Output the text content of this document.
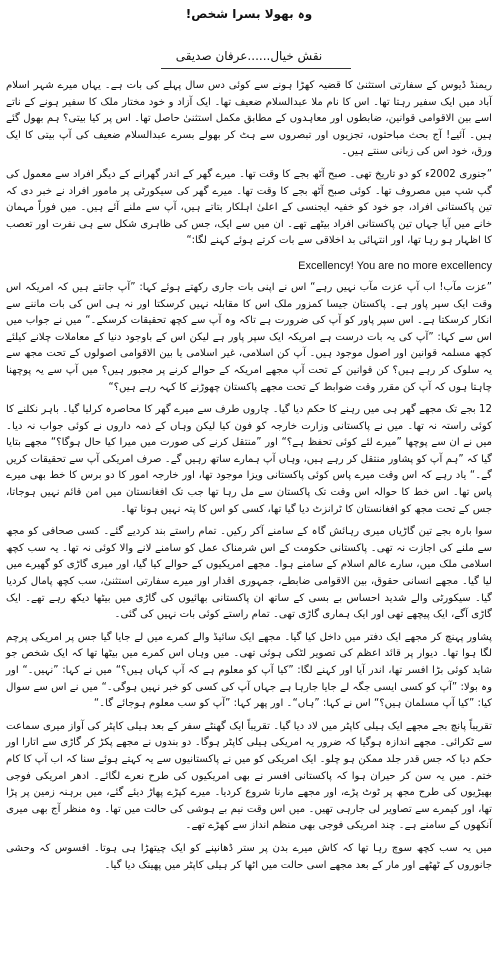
وہ بھولا بسرا شخص!
نقش خیال......عرفان صدیقی

ریمنڈ ڈیوس کے سفارتی استثنیٰ کا قضیہ کھڑا ہونے سے کوئی دس سال پہلے کی بات ہے۔ یہاں میرے شہر اسلام آباد میں ایک سفیر رہتا تھا۔ اس کا نام ملا عبدالسلام ضعیف تھا۔ ایک آزاد و خود مختار ملک کا سفیر ہونے کے ناتے اسے بین الاقوامی قوانین، ضابطوں اور معاہدوں کے مطابق مکمل استثنیٰ حاصل تھا۔ اس پر کیا بیتی؟ ہم بھول گئے ہیں۔ آئیے! آج بحث مباحثوں، تجزیوں اور تبصروں سے ہٹ کر بھولے بسرے عبدالسلام ضعیف کی آپ بیتی کا ایک ورق، خود اس کی زبانی سنتے ہیں۔

”جنوری 2002ء کو دو تاریخ تھی۔ صبح آٹھ بجے کا وقت تھا۔ میرے گھر کے اندر گھرانے کے دیگر افراد سے معمول کی گپ شپ میں مصروف تھا۔ کوئی صبح آٹھ بجے کا وقت تھا۔ میرے گھر کی سیکورٹی پر مامور افراد نے خبر دی کہ تین پاکستانی افراد، جو خود کو خفیہ ایجنسی کے اعلیٰ اہلکار بتاتے ہیں، آپ سے ملنے آئے ہیں۔ میں فوراً مہمان خانے میں آیا جہاں تین پاکستانی افراد بیٹھے تھے۔ ان میں سے ایک، جس کی ظاہری شکل سے ہی نفرت اور تعصب کا اظہار ہو رہا تھا، اور انتہائی بد اخلاقی سے بات کرتے ہوئے کہنے لگا:“

Excellency! You are no more excellency

”عزت مآب! اب آپ عزت مآب نہیں رہے“ اس نے اپنی بات جاری رکھتے ہوئے کہا: ”آپ جانتے ہیں کہ امریکہ اس وقت ایک سپر پاور ہے۔ پاکستان جیسا کمزور ملک اس کا مقابلہ نہیں کرسکتا اور نہ ہی اس کی بات ماننے سے انکار کرسکتا ہے۔ اس سپر پاور کو آپ کی ضرورت ہے تاکہ وہ آپ سے کچھ تحقیقات کرسکے۔“ میں نے جواب میں اس سے کہا: ”آپ کی یہ بات درست ہے امریکہ ایک سپر پاور ہے لیکن اس کے باوجود دنیا کے معاملات چلانے کیلئے کچھ مسلمہ قوانین اور اصول موجود ہیں۔ آپ کن اسلامی، غیر اسلامی یا بین الاقوامی اصولوں کے تحت مجھ سے یہ سلوک کر رہے ہیں؟ کن قوانین کے تحت آپ مجھے امریکہ کے حوالے کرنے پر مجبور ہیں؟ میں آپ سے یہ پوچھنا چاہتا ہوں کہ آپ کن مقرر وقت ضوابط کے تحت مجھے پاکستان چھوڑنے کا کہہ رہے ہیں؟“

12 بجے تک مجھے گھر ہی میں رہنے کا حکم دیا گیا۔ چاروں طرف سے میرے گھر کا محاصرہ کرلیا گیا۔ باہر نکلنے کا کوئی راستہ نہ تھا۔ میں نے پاکستانی وزارت خارجہ کو فون کیا لیکن وہاں کے ذمہ داروں نے کوئی جواب نہ دیا۔ میں نے ان سے پوچھا ”میرے لئے کوئی تحفظ ہے؟“ اور ”منتقل کرنے کی صورت میں میرا کیا حال ہوگا؟“ مجھے بتایا گیا کہ ”ہم آپ کو پشاور منتقل کر رہے ہیں، وہاں آپ ہمارے ساتھ رہیں گے۔ صرف امریکی آپ سے تحقیقات کریں گے۔“ یاد رہے کہ اس وقت میرے پاس کوئی پاکستانی ویزا موجود تھا، اور خارجہ امور کا دو برس کا خط بھی میرے پاس تھا۔ اس خط کا حوالہ اس وقت تک پاکستان سے مل رہا تھا جب تک افغانستان میں امن قائم نہیں ہوجاتا، جس کے تحت مجھ کو افغانستان کا ٹرانزٹ دیا گیا تھا، کسی کو اس کا پتہ نہیں ہونا تھا۔

سوا بارہ بجے تین گاڑیاں میری رہائش گاہ کے سامنے آکر رکیں۔ تمام راستے بند کردیے گئے۔ کسی صحافی کو مجھ سے ملنے کی اجازت نہ تھی۔ پاکستانی حکومت کے اس شرمناک عمل کو سامنے لانے والا کوئی نہ تھا۔ یہ سب کچھ اسلامی ملک میں، سارے عالم اسلام کے سامنے ہوا۔ مجھے امریکیوں کے حوالے کیا گیا، اور میری گاڑی کو گھیرے میں لیا گیا۔ مجھے انسانی حقوق، بین الاقوامی ضابطے، جمہوری اقدار اور میرے سفارتی استثنیٰ، سب کچھ پامال کردیا گیا۔ سیکورٹی والے شدید احساس بے بسی کے ساتھ ان پاکستانی بھائیوں کی گاڑی میں بیٹھا دیکھ رہے تھے۔ ایک گاڑی آگے، ایک پیچھے تھی اور ایک ہماری گاڑی تھی۔ تمام راستے کوئی بات نہیں کی گئی۔

پشاور پہنچ کر مجھے ایک دفتر میں داخل کیا گیا۔ مجھے ایک سائیڈ والے کمرے میں لے جایا گیا جس پر امریکی پرچم لگا ہوا تھا۔ دیوار پر قائد اعظم کی تصویر لٹکی ہوئی تھی۔ میں وہاں اس کمرے میں بیٹھا تھا کہ ایک شخص جو شاید کوئی بڑا افسر تھا، اندر آیا اور کہنے لگا: ”کیا آپ کو معلوم ہے کہ آپ کہاں ہیں؟“ میں نے کہا: ”نہیں۔“ اور وہ بولا: ”آپ کو کسی ایسی جگہ لے جایا جارہا ہے جہاں آپ کی کسی کو خبر نہیں ہوگی۔“ میں نے اس سے سوال کیا: ”کیا آپ مسلمان ہیں؟“ اس نے کہا: ”ہاں“۔ اور پھر کہا: ”آپ کو سب معلوم ہوجائے گا۔“

تقریباً پانچ بجے مجھے ایک ہیلی کاپٹر میں لاد دیا گیا۔ تقریباً ایک گھنٹے سفر کے بعد ہیلی کاپٹر کی آواز میری سماعت سے ٹکرائی۔ مجھے اندازہ ہوگیا کہ ضرور یہ امریکی ہیلی کاپٹر ہوگا۔ دو بندوں نے مجھے پکڑ کر گاڑی سے اتارا اور حکم دیا کہ جس قدر جلد ممکن ہو چلو۔ ایک امریکی کو میں نے پاکستانیوں سے یہ کہتے ہوئے سنا کہ اب آپ کا کام ختم۔ میں یہ سن کر حیران ہوا کہ پاکستانی افسر نے بھی امریکیوں کی طرح نعرے لگائے۔ ادھر امریکی فوجی بھیڑیوں کی طرح مجھ پر ٹوٹ پڑے، اور مجھے مارنا شروع کردیا۔ میرے کپڑے پھاڑ دیئے گئے، میں برہنہ زمین پر پڑا تھا، اور کیمرے سے تصاویر لی جارہی تھیں۔ میں اس وقت نیم بے ہوشی کی حالت میں تھا۔ وہ منظر آج بھی میری آنکھوں کے سامنے ہے۔ چند امریکی فوجی بھی منظم انداز سے کھڑے تھے۔

میں یہ سب کچھ سوچ رہا تھا کہ کاش میرے بدن پر ستر ڈھانپنے کو ایک چیتھڑا ہی ہوتا۔ افسوس کہ وحشی جانوروں کے ٹھٹھے اور مار کے بعد مجھے اسی حالت میں اٹھا کر ہیلی کاپٹر میں پھینک دیا گیا۔
